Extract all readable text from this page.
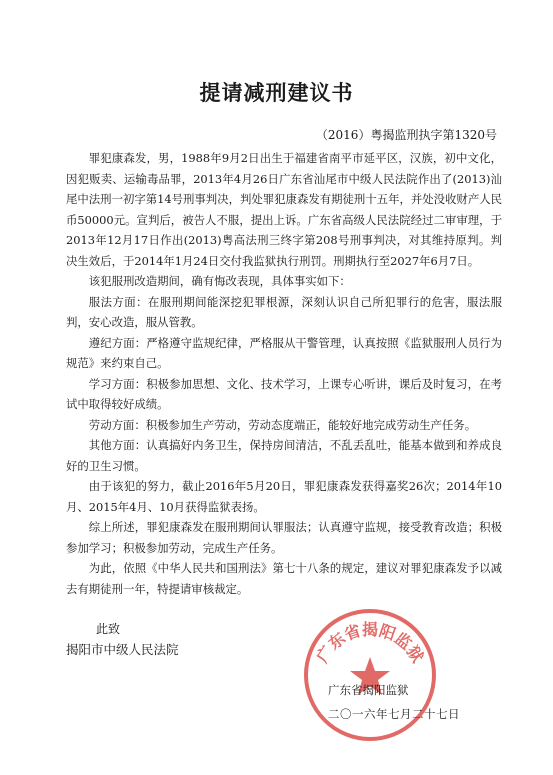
提请减刑建议书
（2016）粤揭监刑执字第1320号

罪犯康森发，男，1988年9月2日出生于福建省南平市延平区，汉族，初中文化，因犯贩卖、运输毒品罪，2013年4月26日广东省汕尾市中级人民法院作出了(2013)汕尾中法刑一初字第14号刑事判决，判处罪犯康森发有期徒刑十五年，并处没收财产人民币50000元。宣判后，被告人不服，提出上诉。广东省高级人民法院经过二审审理，于2013年12月17日作出(2013)粤高法刑三终字第208号刑事判决，对其维持原判。判决生效后，于2014年1月24日交付我监狱执行刑罚。刑期执行至2027年6月7日。

该犯服刑改造期间，确有悔改表现，具体事实如下：

服法方面：在服刑期间能深挖犯罪根源，深刻认识自己所犯罪行的危害，服法服判，安心改造，服从管教。

遵纪方面：严格遵守监规纪律，严格服从干警管理，认真按照《监狱服刑人员行为规范》来约束自己。

学习方面：积极参加思想、文化、技术学习，上课专心听讲，课后及时复习，在考试中取得较好成绩。

劳动方面：积极参加生产劳动，劳动态度端正，能较好地完成劳动生产任务。

其他方面：认真搞好内务卫生，保持房间清洁，不乱丢乱吐，能基本做到和养成良好的卫生习惯。

由于该犯的努力，截止2016年5月20日，罪犯康森发获得嘉奖26次；2014年10月、2015年4月、10月获得监狱表扬。

综上所述，罪犯康森发在服刑期间认罪服法；认真遵守监规，接受教育改造；积极参加学习；积极参加劳动，完成生产任务。

为此，依照《中华人民共和国刑法》第七十八条的规定，建议对罪犯康森发予以减去有期徒刑一年，特提请审核裁定。

此致
揭阳市中级人民法院	广东省揭阳监狱
广东省揭阳监狱
二〇一六年七月二十七日
